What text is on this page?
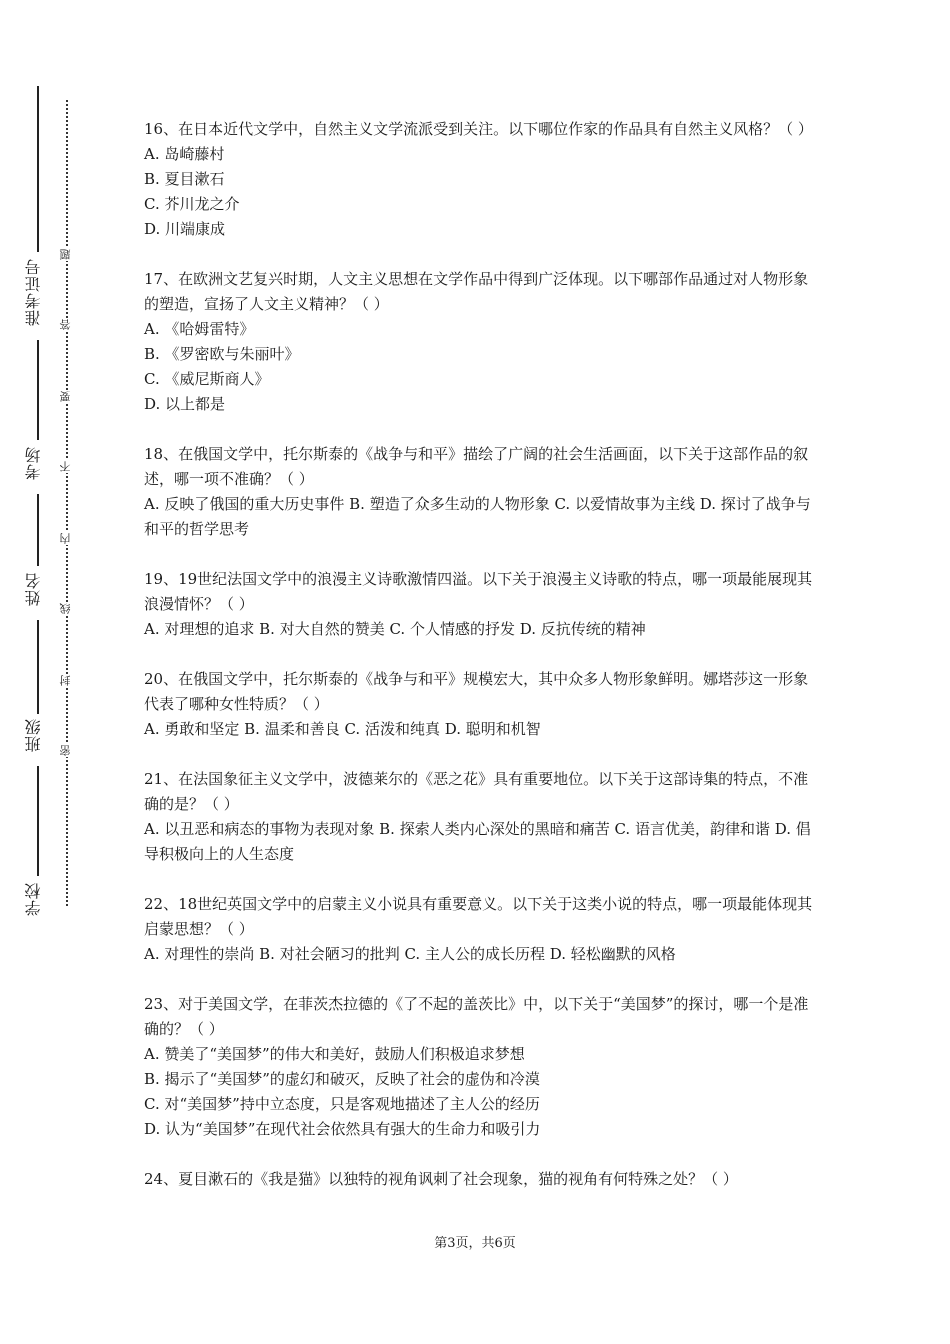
准考证号
考场
姓名
班级
学校
密
封
线
内
不
要
答
题

16、在日本近代文学中，自然主义文学流派受到关注。以下哪位作家的作品具有自然主义风格？（ ）

A. 岛崎藤村

B. 夏目漱石

C. 芥川龙之介

D. 川端康成

17、在欧洲文艺复兴时期，人文主义思想在文学作品中得到广泛体现。以下哪部作品通过对人物形象的塑造，宣扬了人文主义精神？（ ）

A. 《哈姆雷特》

B. 《罗密欧与朱丽叶》

C. 《威尼斯商人》

D. 以上都是

18、在俄国文学中，托尔斯泰的《战争与和平》描绘了广阔的社会生活画面，以下关于这部作品的叙述，哪一项不准确？（ ）

A. 反映了俄国的重大历史事件 B. 塑造了众多生动的人物形象 C. 以爱情故事为主线 D. 探讨了战争与和平的哲学思考

19、19世纪法国文学中的浪漫主义诗歌激情四溢。以下关于浪漫主义诗歌的特点，哪一项最能展现其浪漫情怀？（ ）

A. 对理想的追求 B. 对大自然的赞美 C. 个人情感的抒发 D. 反抗传统的精神

20、在俄国文学中，托尔斯泰的《战争与和平》规模宏大，其中众多人物形象鲜明。娜塔莎这一形象代表了哪种女性特质？（ ）

A. 勇敢和坚定 B. 温柔和善良 C. 活泼和纯真 D. 聪明和机智

21、在法国象征主义文学中，波德莱尔的《恶之花》具有重要地位。以下关于这部诗集的特点，不准确的是？（ ）

A. 以丑恶和病态的事物为表现对象 B. 探索人类内心深处的黑暗和痛苦 C. 语言优美，韵律和谐 D. 倡导积极向上的人生态度

22、18世纪英国文学中的启蒙主义小说具有重要意义。以下关于这类小说的特点，哪一项最能体现其启蒙思想？（ ）

A. 对理性的崇尚 B. 对社会陋习的批判 C. 主人公的成长历程 D. 轻松幽默的风格

23、对于美国文学，在菲茨杰拉德的《了不起的盖茨比》中，以下关于“美国梦”的探讨，哪一个是准确的？（ ）

A. 赞美了“美国梦”的伟大和美好，鼓励人们积极追求梦想

B. 揭示了“美国梦”的虚幻和破灭，反映了社会的虚伪和冷漠

C. 对“美国梦”持中立态度，只是客观地描述了主人公的经历

D. 认为“美国梦”在现代社会依然具有强大的生命力和吸引力

24、夏目漱石的《我是猫》以独特的视角讽刺了社会现象，猫的视角有何特殊之处？（ ）

第3页，共6页
